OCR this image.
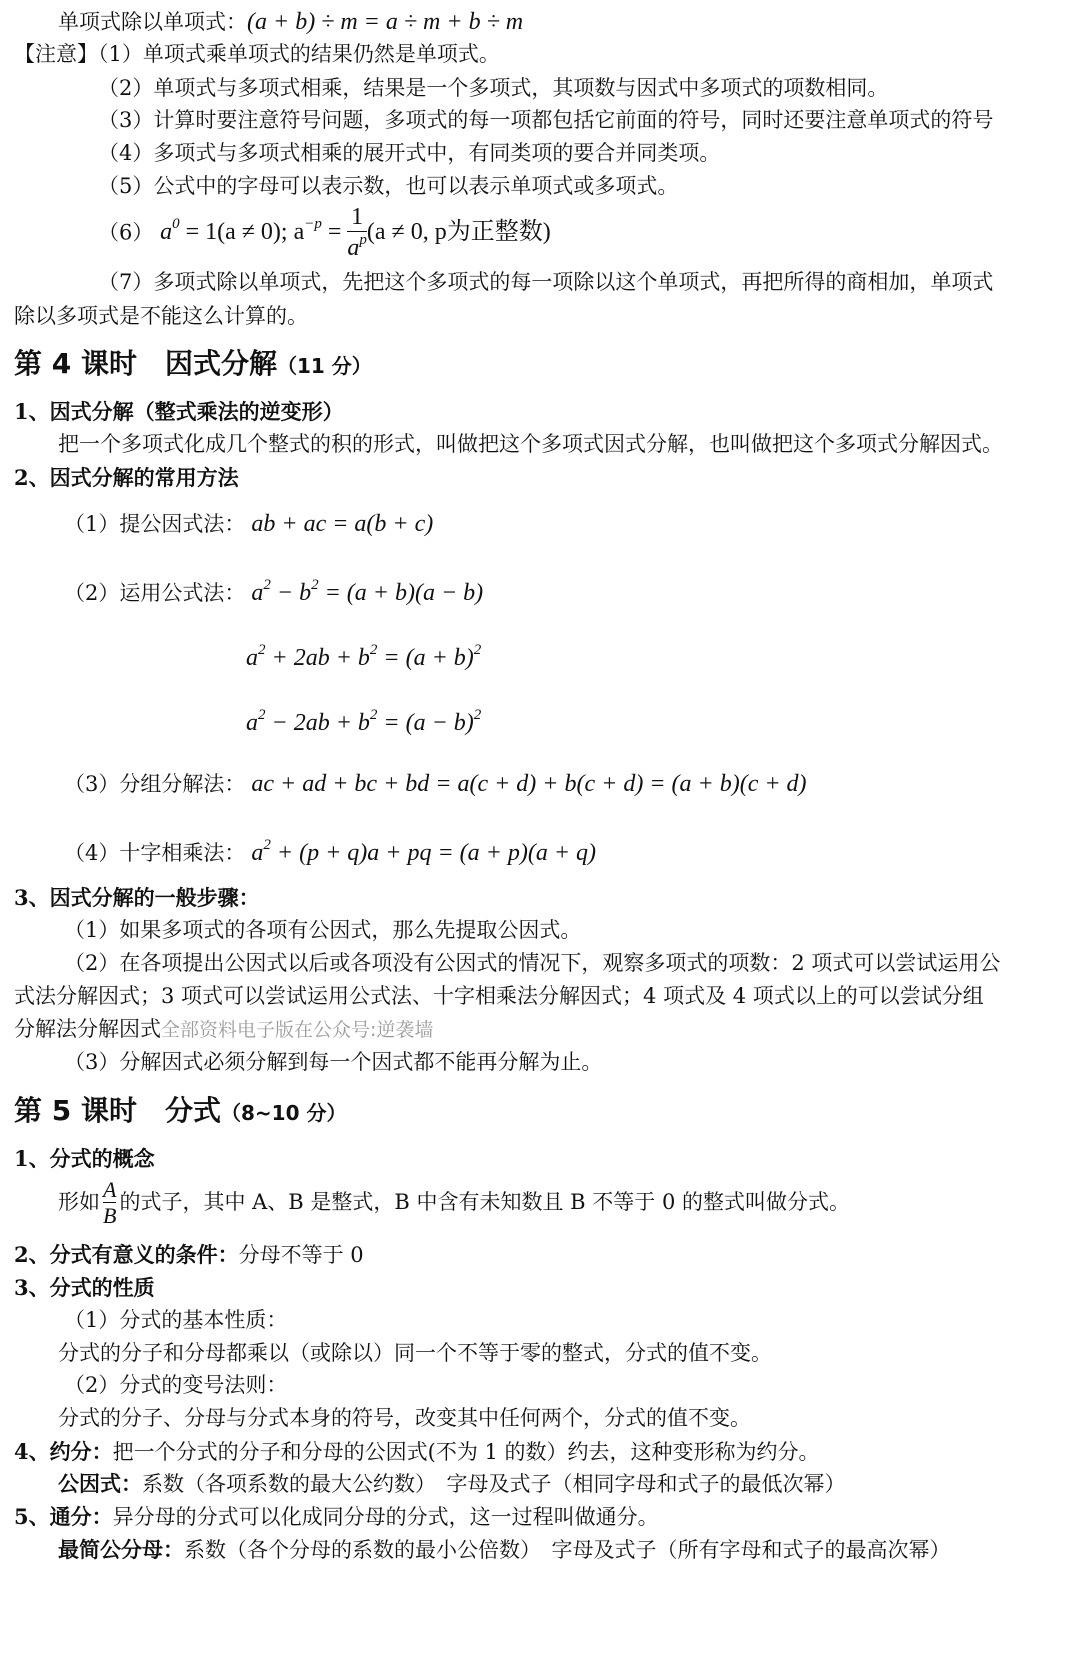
单项式除以单项式：(a + b) ÷ m = a ÷ m + b ÷ m
【注意】（1）单项式乘单项式的结果仍然是单项式。
（2）单项式与多项式相乘，结果是一个多项式，其项数与因式中多项式的项数相同。
（3）计算时要注意符号问题，多项式的每一项都包括它前面的符号，同时还要注意单项式的符号
（4）多项式与多项式相乘的展开式中，有同类项的要合并同类项。
（5）公式中的字母可以表示数，也可以表示单项式或多项式。
（6） $a^0 = 1(a \ne 0)$; $a^{-p} = \frac{1}{a^p} (a \ne 0$, p为正整数)
（7）多项式除以单项式，先把这个多项式的每一项除以这个单项式，再把所得的商相加，单项式
除以多项式是不能这么计算的。
第 4 课时　因式分解（11 分）
1、因式分解（整式乘法的逆变形）
把一个多项式化成几个整式的积的形式，叫做把这个多项式因式分解，也叫做把这个多项式分解因式。
2、因式分解的常用方法
（1）提公因式法： ab + ac = a(b + c)
（2）运用公式法： $a^2 - b^2 = (a + b)(a - b)$
$a^2 + 2ab + b^2 = (a + b)^2$
$a^2 - 2ab + b^2 = (a - b)^2$
（3）分组分解法： ac + ad + bc + bd = a(c + d) + b(c + d) = (a + b)(c + d)
（4）十字相乘法： $a^2 + (p + q)a$ + pq = (a + p)(a + q)
3、因式分解的一般步骤：
（1）如果多项式的各项有公因式，那么先提取公因式。
（2）在各项提出公因式以后或各项没有公因式的情况下，观察多项式的项数：2 项式可以尝试运用公
式法分解因式；3 项式可以尝试运用公式法、十字相乘法分解因式；4 项式及 4 项式以上的可以尝试分组
分解法分解因式全部资料电子版在公众号:逆袭墙
（3）分解因式必须分解到每一个因式都不能再分解为止。
第 5 课时　分式（8~10 分）
1、分式的概念
形如 $\frac{A}{B}$ 的式子，其中 A、B 是整式，B 中含有未知数且 B 不等于 0 的整式叫做分式。
2、分式有意义的条件：分母不等于 0
3、分式的性质
（1）分式的基本性质：
分式的分子和分母都乘以（或除以）同一个不等于零的整式，分式的值不变。
（2）分式的变号法则：
分式的分子、分母与分式本身的符号，改变其中任何两个，分式的值不变。
4、约分：把一个分式的分子和分母的公因式(不为 1 的数）约去，这种变形称为约分。
公因式：系数（各项系数的最大公约数）　字母及式子（相同字母和式子的最低次幂）
5、通分：异分母的分式可以化成同分母的分式，这一过程叫做通分。
最简公分母：系数（各个分母的系数的最小公倍数）　字母及式子（所有字母和式子的最高次幂）
